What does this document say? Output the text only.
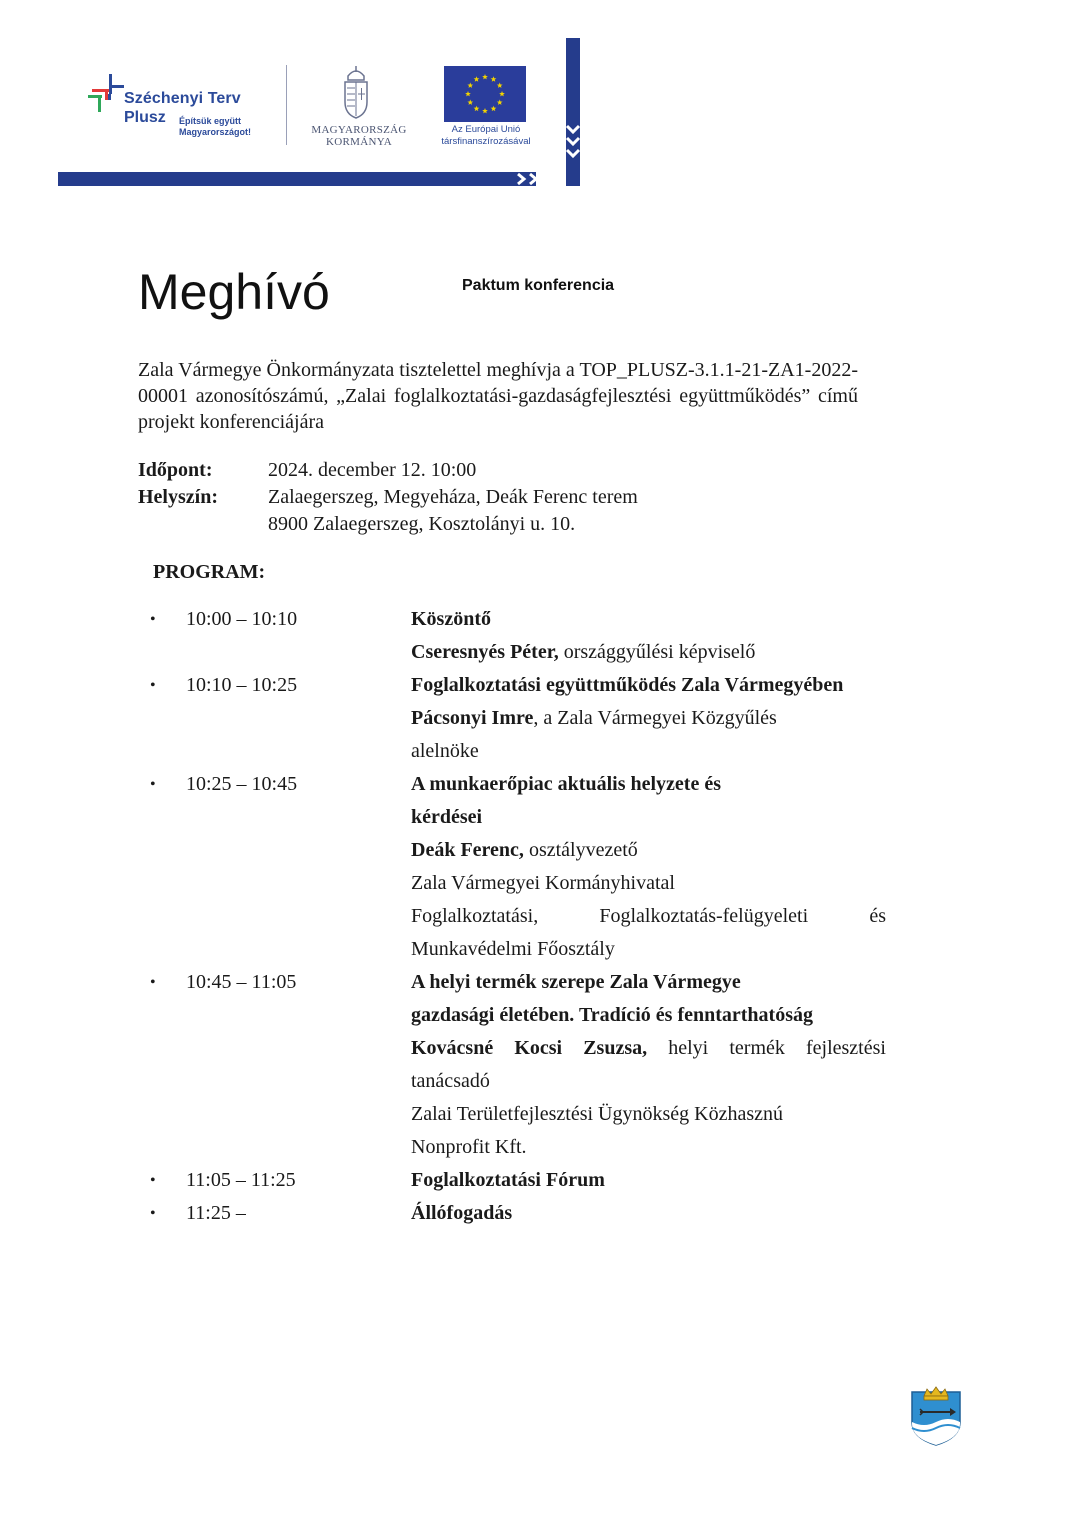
Széchenyi Terv
Plusz Építsük együtt
Magyarországot!	MAGYARORSZÁG
KORMÁNYA
Az Európai Unió
társfinanszírozásával
Meghívó	Paktum konferencia
Zala Vármegye Önkormányzata tisztelettel meghívja a TOP_PLUSZ-3.1.1-21-ZA1-2022-00001 azonosítószámú, „Zalai foglalkoztatási-gazdaságfejlesztési együttműködés” című projekt konferenciájára
Időpont:	2024. december 12. 10:00
Helyszín:	Zalaegerszeg, Megyeháza, Deák Ferenc terem
8900 Zalaegerszeg, Kosztolányi u. 10.
PROGRAM:
•	10:00 – 10:10	Köszöntő
Cseresnyés Péter, országgyűlési képviselő
•	10:10 – 10:25	Foglalkoztatási együttműködés Zala Vármegyében
Pácsonyi Imre, a Zala Vármegyei Közgyűlés
alelnöke
•	10:25 – 10:45	A munkaerőpiac aktuális helyzete és
kérdései
Deák Ferenc, osztályvezető
Zala Vármegyei Kormányhivatal
Foglalkoztatási,	Foglalkoztatás-felügyeleti	és
Munkavédelmi Főosztály
•	10:45 – 11:05	A helyi termék szerepe Zala Vármegye
gazdasági életében. Tradíció és fenntarthatóság
Kovácsné Kocsi Zsuzsa, helyi termék fejlesztési
tanácsadó
Zalai Területfejlesztési Ügynökség Közhasznú
Nonprofit Kft.
•	11:05 – 11:25	Foglalkoztatási Fórum
•	11:25 –	Állófogadás
